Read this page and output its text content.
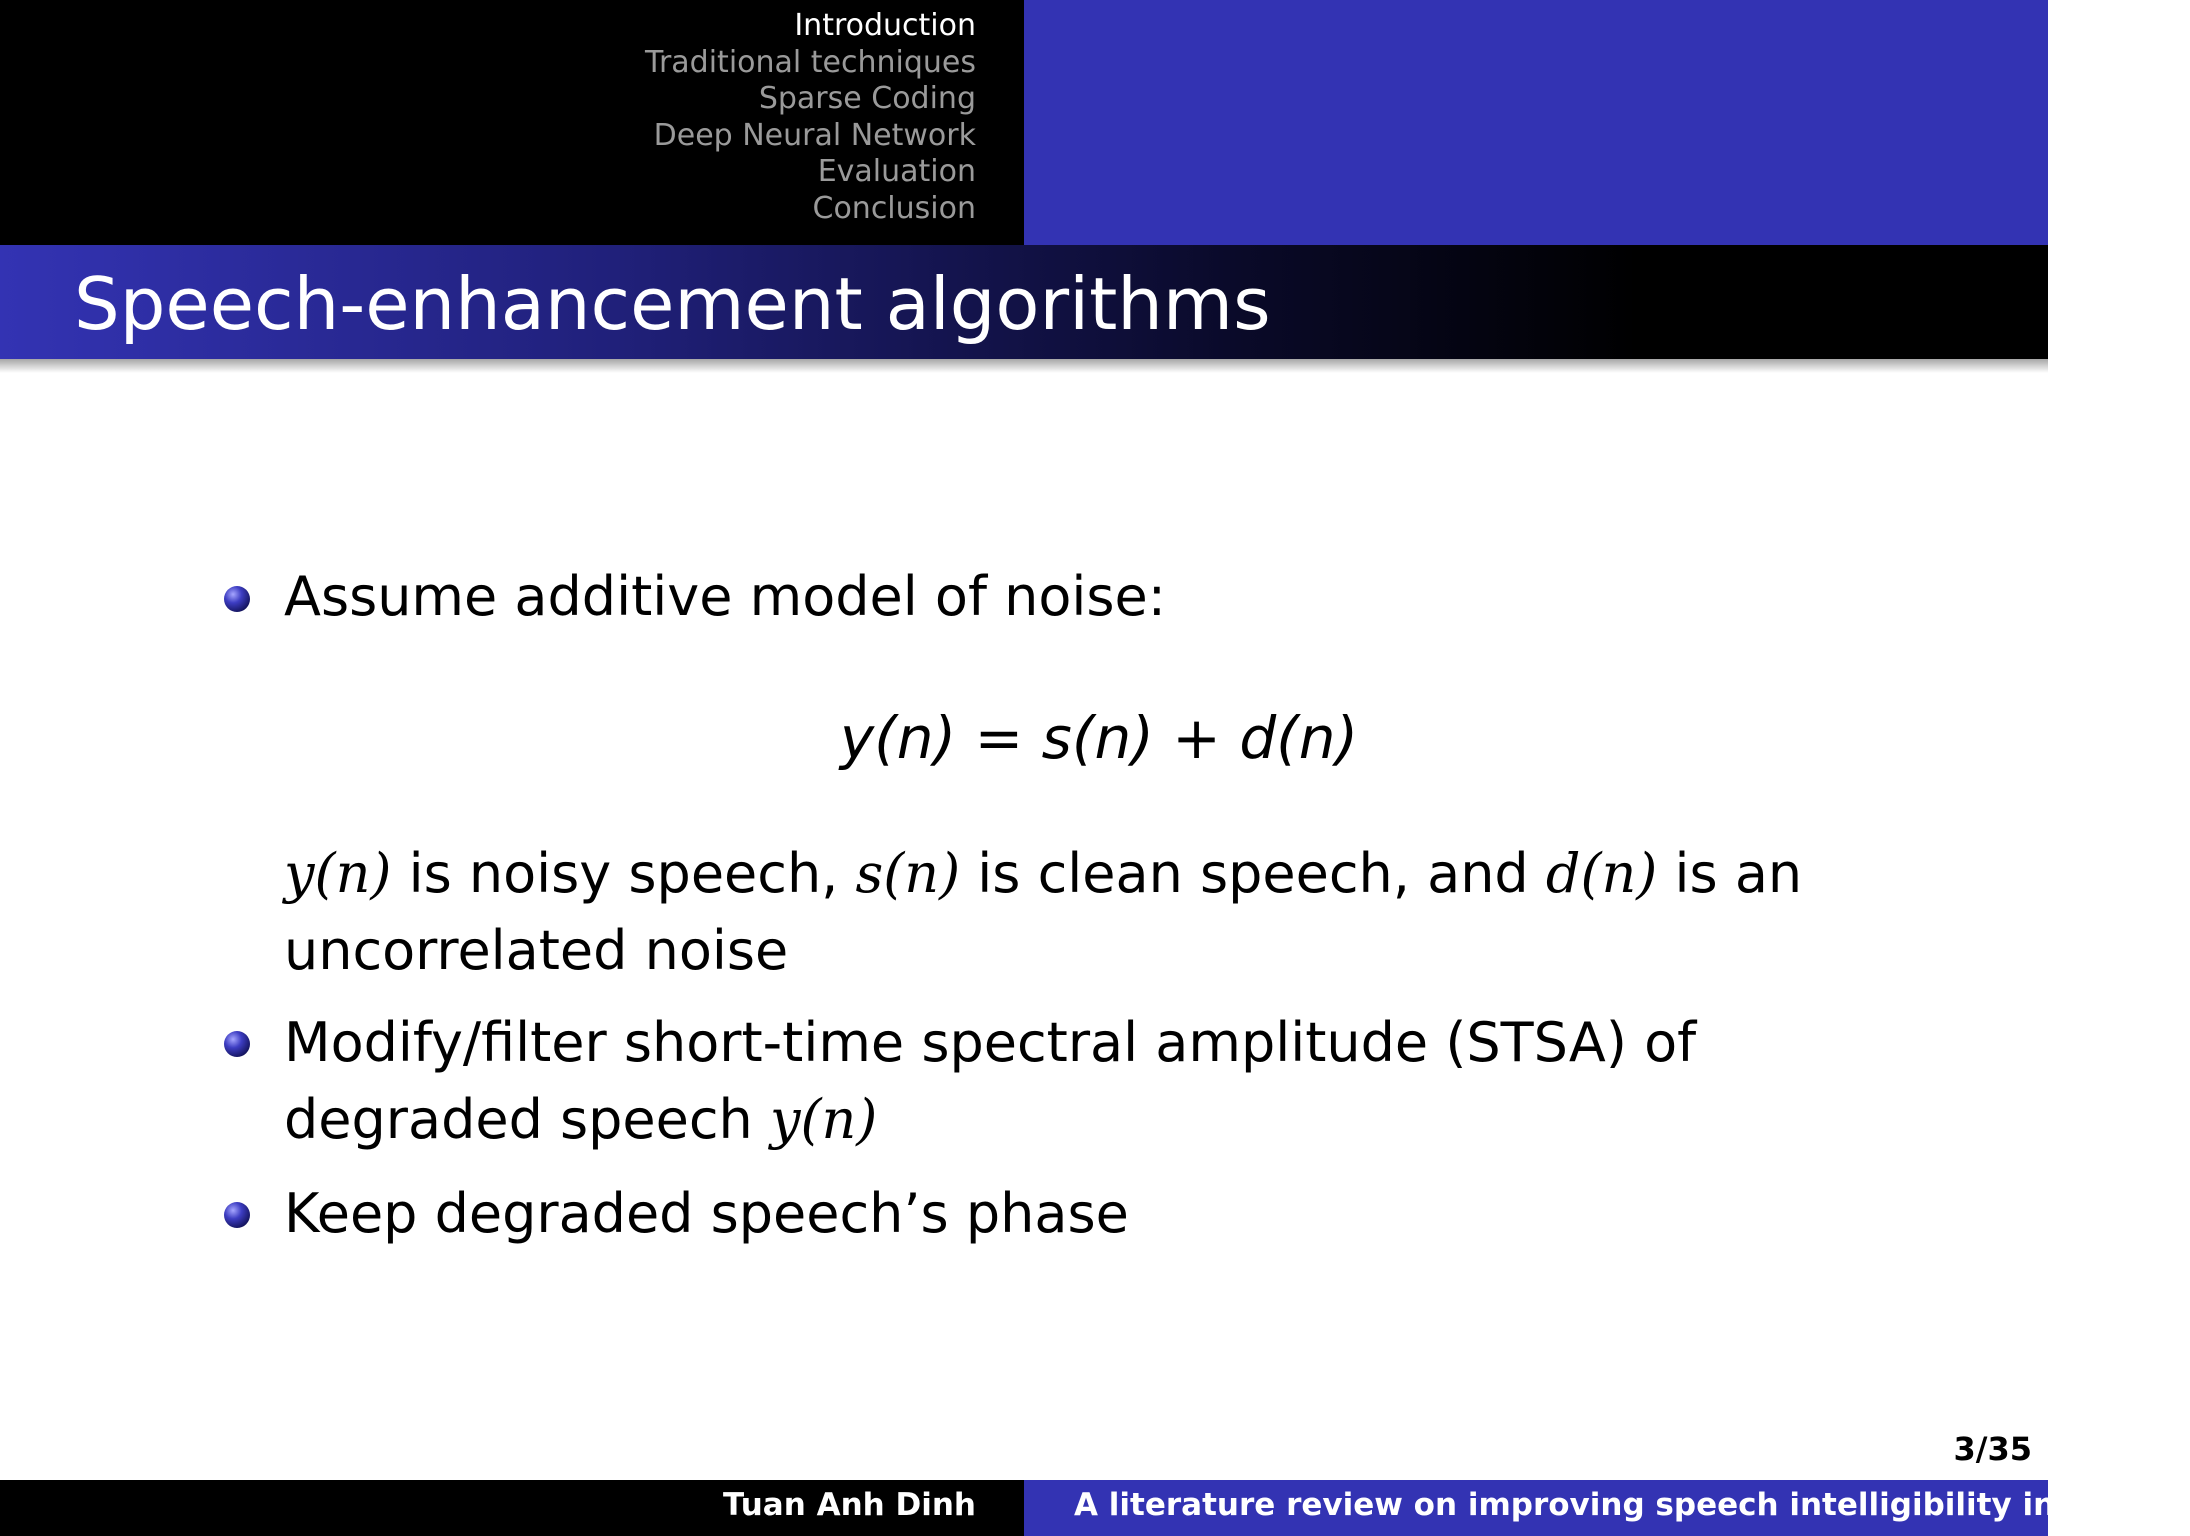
Introduction
Traditional techniques
Sparse Coding
Deep Neural Network
Evaluation
Conclusion
Speech-enhancement algorithms
Assume additive model of noise:
y(n) = s(n) + d(n)
y(n) is noisy speech, s(n) is clean speech, and d(n) is an
uncorrelated noise
Modify/filter short-time spectral amplitude (STSA) of
degraded speech y(n)
Keep degraded speech’s phase
3/35
Tuan Anh Dinh	A literature review on improving speech intelligibility in noisy e
